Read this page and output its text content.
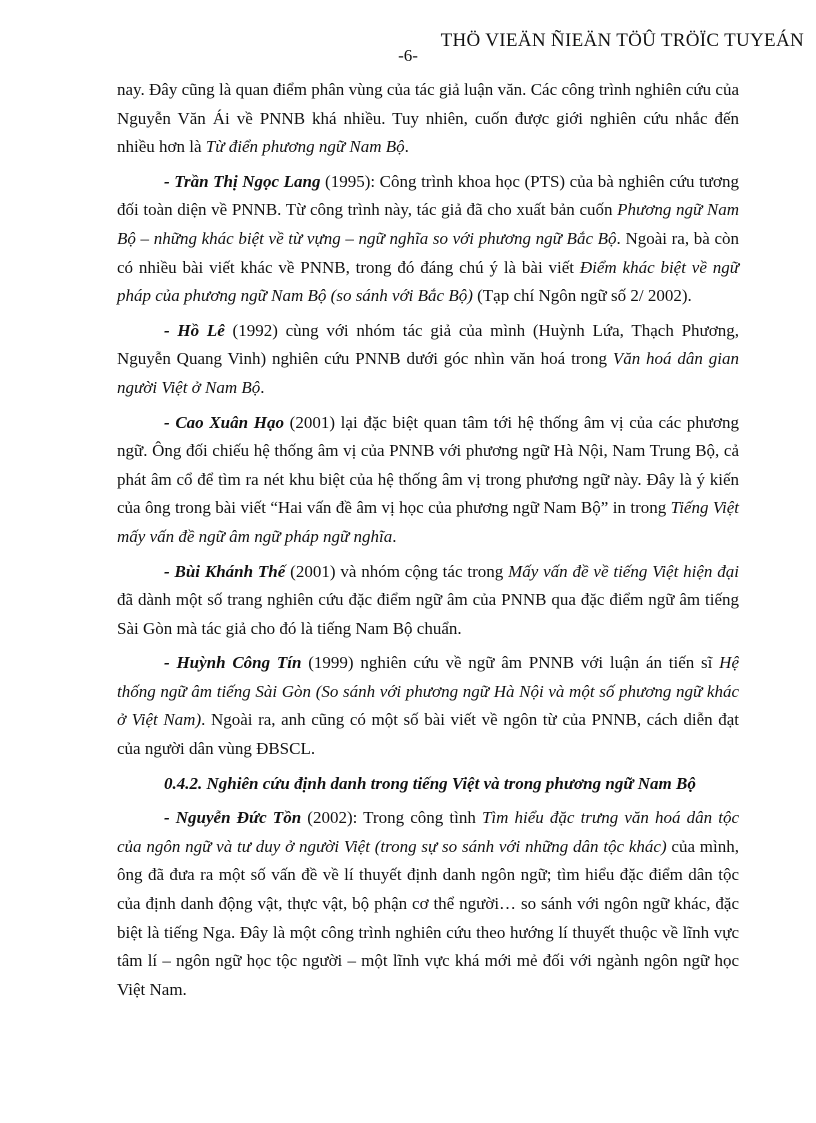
THÖ VIEÄN ÑIEÄN TÖÛ TRÖÏC TUYEÁN
-6-

nay. Đây cũng là quan điểm phân vùng của tác giả luận văn. Các công trình nghiên cứu của Nguyễn Văn Ái về PNNB khá nhiều. Tuy nhiên, cuốn được giới nghiên cứu nhắc đến nhiều hơn là Từ điển phương ngữ Nam Bộ.

- Trần Thị Ngọc Lang (1995): Công trình khoa học (PTS) của bà nghiên cứu tương đối toàn diện về PNNB. Từ công trình này, tác giả đã cho xuất bản cuốn Phương ngữ Nam Bộ – những khác biệt về từ vựng – ngữ nghĩa so với phương ngữ Bắc Bộ. Ngoài ra, bà còn có nhiều bài viết khác về PNNB, trong đó đáng chú ý là bài viết Điểm khác biệt về ngữ pháp của phương ngữ Nam Bộ (so sánh với Bắc Bộ) (Tạp chí Ngôn ngữ số 2/ 2002).

- Hồ Lê (1992) cùng với nhóm tác giả của mình (Huỳnh Lứa, Thạch Phương, Nguyễn Quang Vinh) nghiên cứu PNNB dưới góc nhìn văn hoá trong Văn hoá dân gian người Việt ở Nam Bộ.

- Cao Xuân Hạo (2001) lại đặc biệt quan tâm tới hệ thống âm vị của các phương ngữ. Ông đối chiếu hệ thống âm vị của PNNB với phương ngữ Hà Nội, Nam Trung Bộ, cả phát âm cổ để tìm ra nét khu biệt của hệ thống âm vị trong phương ngữ này. Đây là ý kiến của ông trong bài viết “Hai vấn đề âm vị học của phương ngữ Nam Bộ” in trong Tiếng Việt mấy vấn đề ngữ âm ngữ pháp ngữ nghĩa.

- Bùi Khánh Thế (2001) và nhóm cộng tác trong Mấy vấn đề về tiếng Việt hiện đại đã dành một số trang nghiên cứu đặc điểm ngữ âm của PNNB qua đặc điểm ngữ âm tiếng Sài Gòn mà tác giả cho đó là tiếng Nam Bộ chuẩn.

- Huỳnh Công Tín (1999) nghiên cứu về ngữ âm PNNB với luận án tiến sĩ Hệ thống ngữ âm tiếng Sài Gòn (So sánh với phương ngữ Hà Nội và một số phương ngữ khác ở Việt Nam). Ngoài ra, anh cũng có một số bài viết về ngôn từ của PNNB, cách diễn đạt của người dân vùng ĐBSCL.

0.4.2. Nghiên cứu định danh trong tiếng Việt và trong phương ngữ Nam Bộ

- Nguyễn Đức Tồn (2002): Trong công tình Tìm hiểu đặc trưng văn hoá dân tộc của ngôn ngữ và tư duy ở người Việt (trong sự so sánh với những dân tộc khác) của mình, ông đã đưa ra một số vấn đề về lí thuyết định danh ngôn ngữ; tìm hiểu đặc điểm dân tộc của định danh động vật, thực vật, bộ phận cơ thể người… so sánh với ngôn ngữ khác, đặc biệt là tiếng Nga. Đây là một công trình nghiên cứu theo hướng lí thuyết thuộc về lĩnh vực tâm lí – ngôn ngữ học tộc người – một lĩnh vực khá mới mẻ đối với ngành ngôn ngữ học Việt Nam.
